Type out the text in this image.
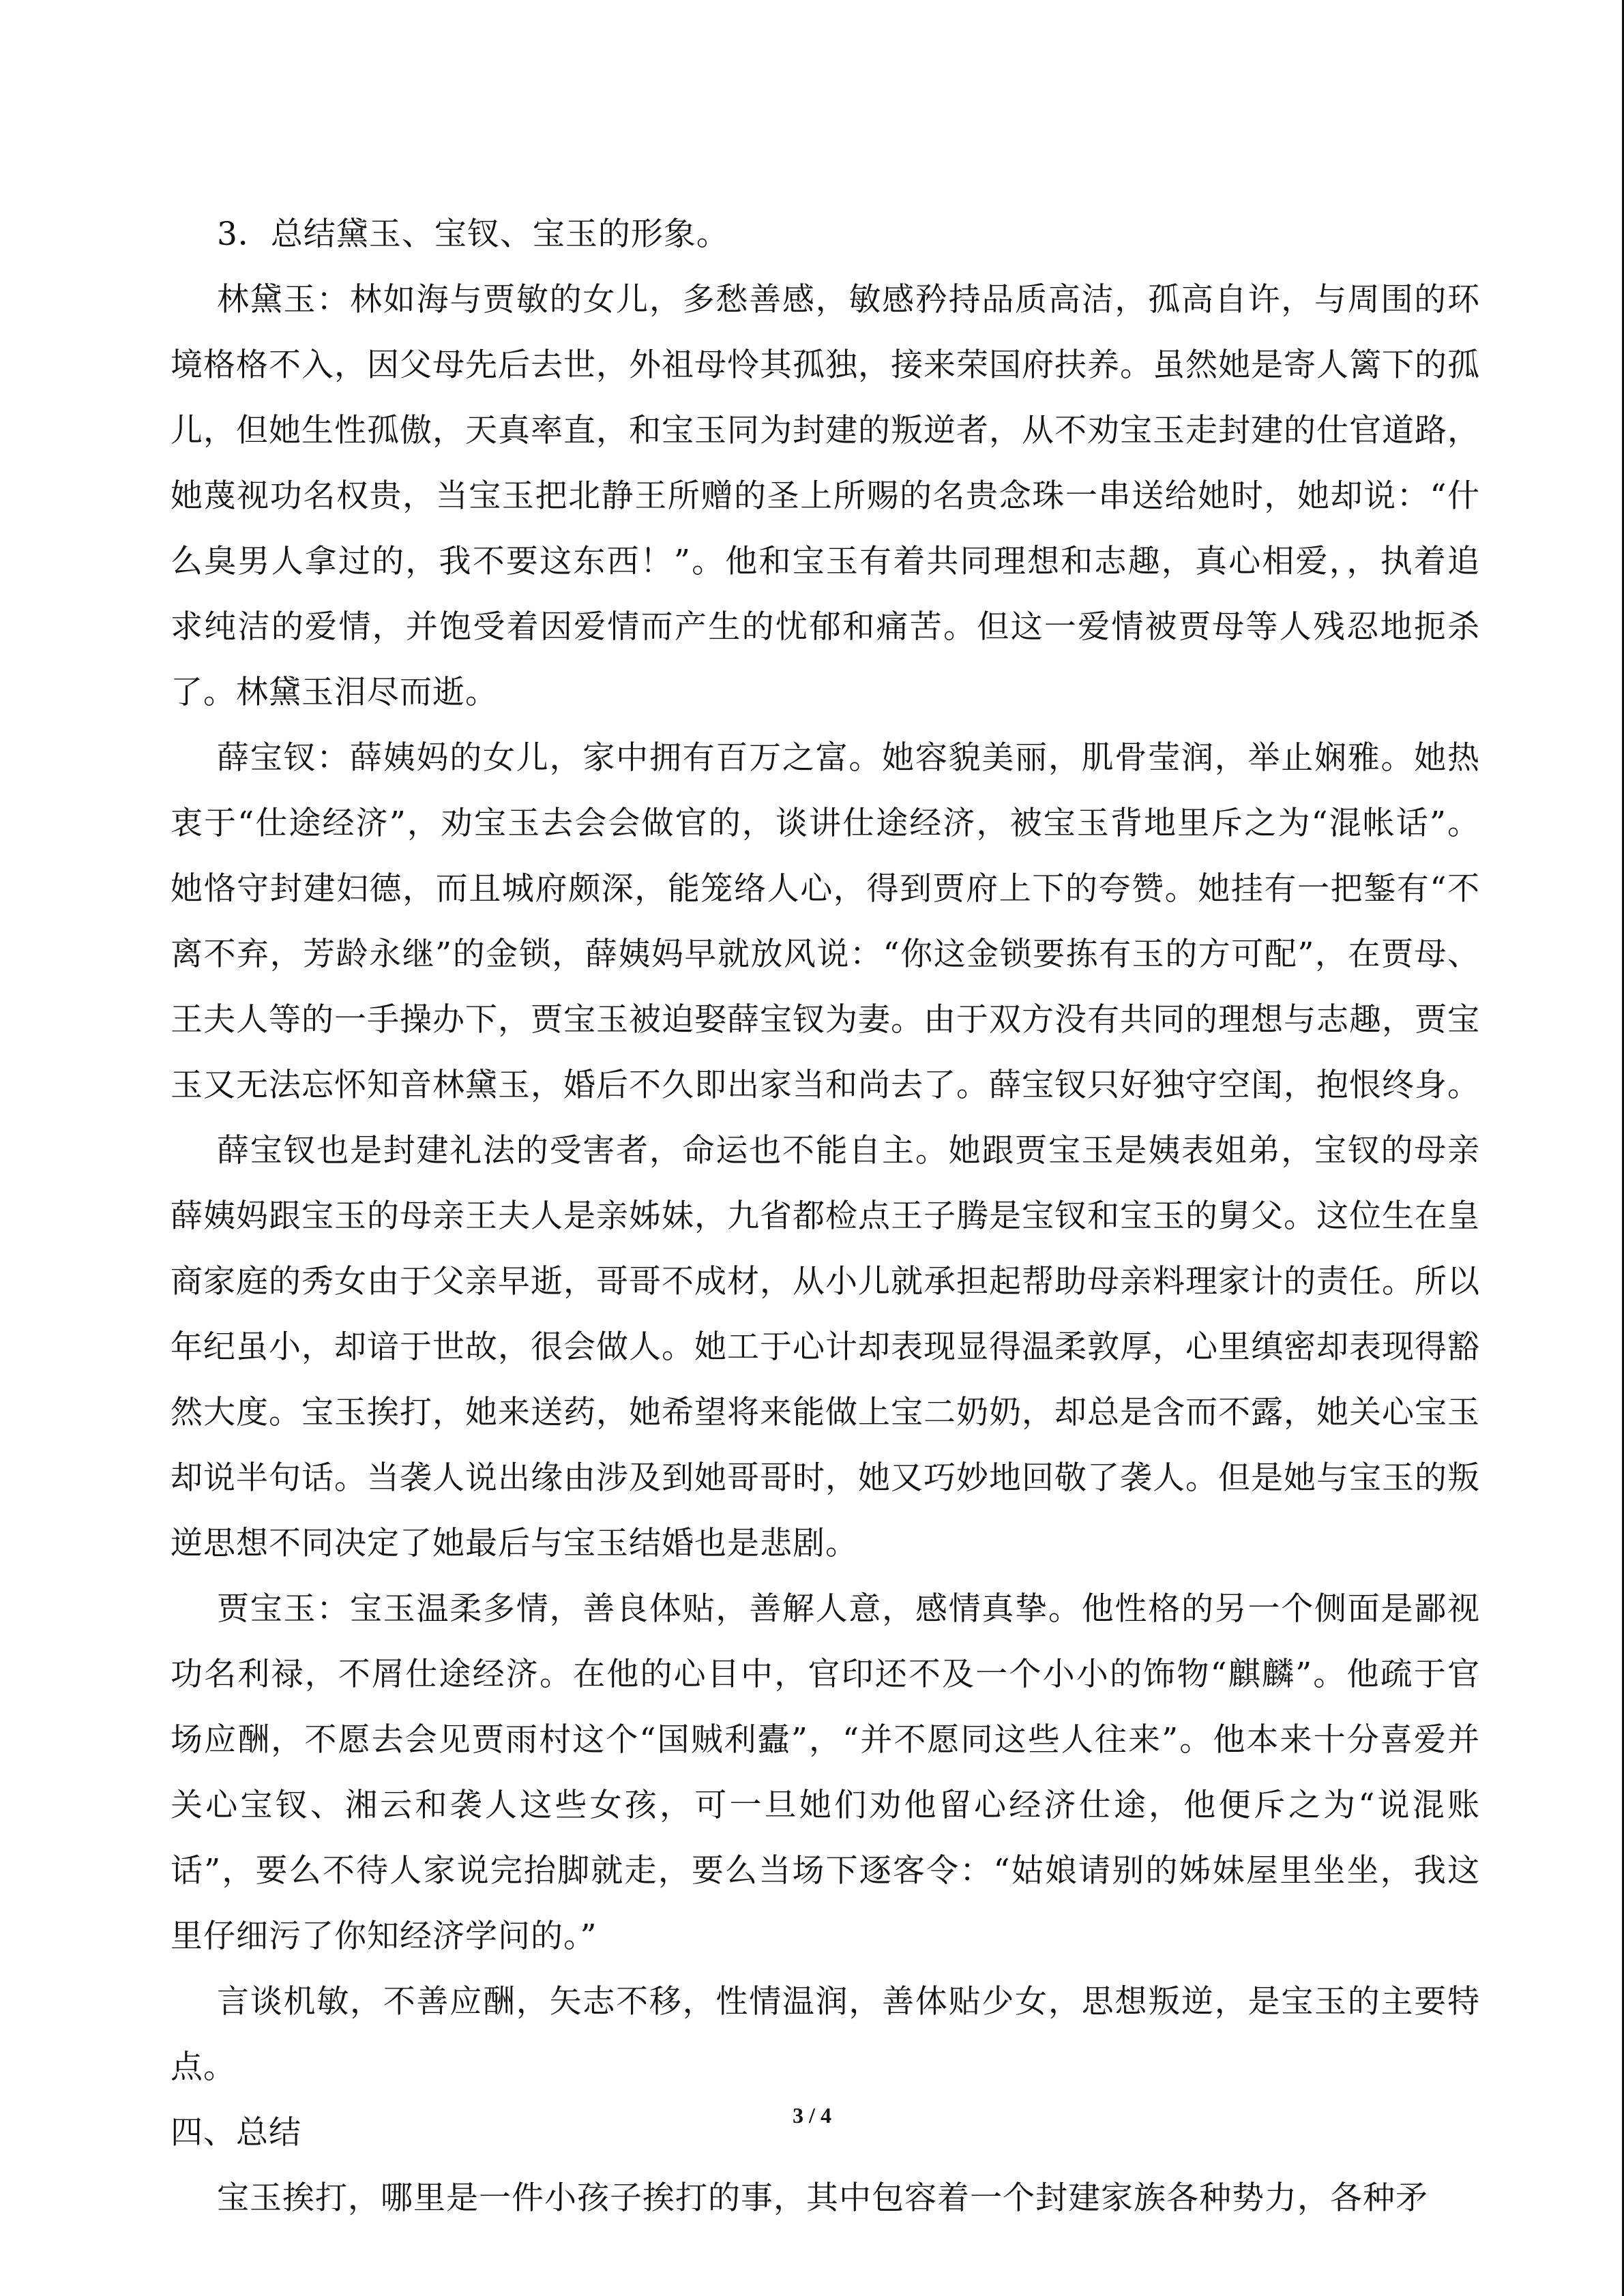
3．总结黛玉、宝钗、宝玉的形象。

林黛玉：林如海与贾敏的女儿，多愁善感，敏感矜持品质高洁，孤高自许，与周围的环境格格不入，因父母先后去世，外祖母怜其孤独，接来荣国府扶养。虽然她是寄人篱下的孤儿，但她生性孤傲，天真率直，和宝玉同为封建的叛逆者，从不劝宝玉走封建的仕官道路，她蔑视功名权贵，当宝玉把北静王所赠的圣上所赐的名贵念珠一串送给她时，她却说：“什么臭男人拿过的，我不要这东西！”。他和宝玉有着共同理想和志趣，真心相爱，，执着追求纯洁的爱情，并饱受着因爱情而产生的忧郁和痛苦。但这一爱情被贾母等人残忍地扼杀了。林黛玉泪尽而逝。

薛宝钗：薛姨妈的女儿，家中拥有百万之富。她容貌美丽，肌骨莹润，举止娴雅。她热衷于“仕途经济”，劝宝玉去会会做官的，谈讲仕途经济，被宝玉背地里斥之为“混帐话”。她恪守封建妇德，而且城府颇深，能笼络人心，得到贾府上下的夸赞。她挂有一把錾有“不离不弃，芳龄永继”的金锁，薛姨妈早就放风说：“你这金锁要拣有玉的方可配”，在贾母、王夫人等的一手操办下，贾宝玉被迫娶薛宝钗为妻。由于双方没有共同的理想与志趣，贾宝玉又无法忘怀知音林黛玉，婚后不久即出家当和尚去了。薛宝钗只好独守空闺，抱恨终身。

薛宝钗也是封建礼法的受害者，命运也不能自主。她跟贾宝玉是姨表姐弟，宝钗的母亲薛姨妈跟宝玉的母亲王夫人是亲姊妹，九省都检点王子腾是宝钗和宝玉的舅父。这位生在皇商家庭的秀女由于父亲早逝，哥哥不成材，从小儿就承担起帮助母亲料理家计的责任。所以年纪虽小，却谙于世故，很会做人。她工于心计却表现显得温柔敦厚，心里缜密却表现得豁然大度。宝玉挨打，她来送药，她希望将来能做上宝二奶奶，却总是含而不露，她关心宝玉却说半句话。当袭人说出缘由涉及到她哥哥时，她又巧妙地回敬了袭人。但是她与宝玉的叛逆思想不同决定了她最后与宝玉结婚也是悲剧。

贾宝玉：宝玉温柔多情，善良体贴，善解人意，感情真挚。他性格的另一个侧面是鄙视功名利禄，不屑仕途经济。在他的心目中，官印还不及一个小小的饰物“麒麟”。他疏于官场应酬，不愿去会见贾雨村这个“国贼利蠹”，“并不愿同这些人往来”。他本来十分喜爱并关心宝钗、湘云和袭人这些女孩，可一旦她们劝他留心经济仕途，他便斥之为“说混账话”，要么不待人家说完抬脚就走，要么当场下逐客令：“姑娘请别的姊妹屋里坐坐，我这里仔细污了你知经济学问的。”

言谈机敏，不善应酬，矢志不移，性情温润，善体贴少女，思想叛逆，是宝玉的主要特点。

四、总结

宝玉挨打，哪里是一件小孩子挨打的事，其中包容着一个封建家族各种势力，各种矛

3 / 4
